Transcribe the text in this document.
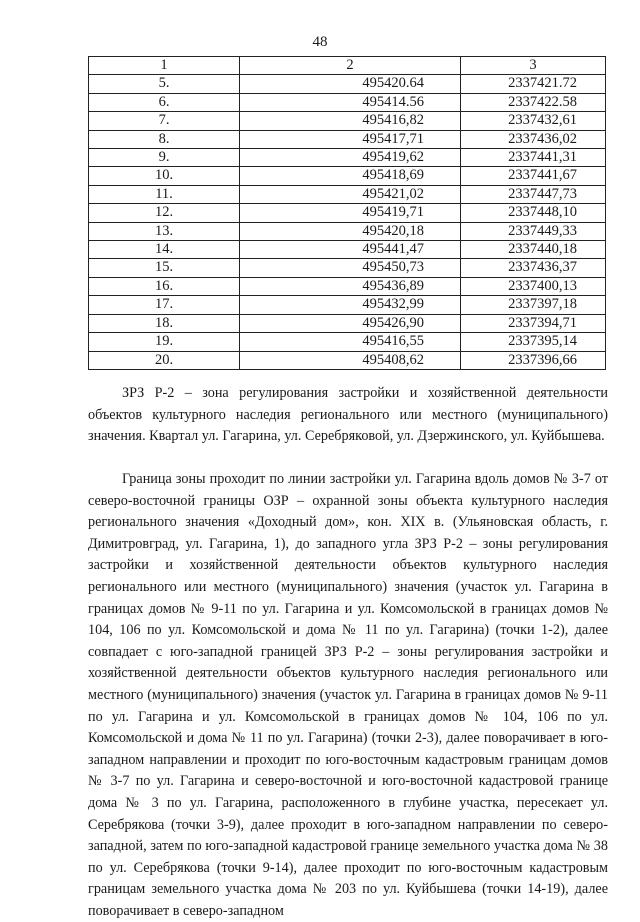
48
1	2	3
5.	495420.64	2337421.72
6.	495414.56	2337422.58
7.	495416,82	2337432,61
8.	495417,71	2337436,02
9.	495419,62	2337441,31
10.	495418,69	2337441,67
11.	495421,02	2337447,73
12.	495419,71	2337448,10
13.	495420,18	2337449,33
14.	495441,47	2337440,18
15.	495450,73	2337436,37
16.	495436,89	2337400,13
17.	495432,99	2337397,18
18.	495426,90	2337394,71
19.	495416,55	2337395,14
20.	495408,62	2337396,66

ЗРЗ Р-2 – зона регулирования застройки и хозяйственной деятельности объектов культурного наследия регионального или местного (муниципального) значения. Квартал ул. Гагарина, ул. Серебряковой, ул. Дзержинского, ул. Куйбышева.

Граница зоны проходит по линии застройки ул. Гагарина вдоль домов № 3-7 от северо-восточной границы ОЗР – охранной зоны объекта культурного наследия регионального значения «Доходный дом», кон. XIX в. (Ульяновская область, г. Димитровград, ул. Гагарина, 1), до западного угла ЗРЗ Р-2 – зоны регулирования застройки и хозяйственной деятельности объектов культурного наследия регионального или местного (муниципального) значения (участок ул. Гагарина в границах домов № 9-11 по ул. Гагарина и ул. Комсомольской в границах домов № 104, 106 по ул. Комсомольской и дома № 11 по ул. Гагарина) (точки 1-2), далее совпадает с юго-западной границей ЗРЗ Р-2 – зоны регулирования застройки и хозяйственной деятельности объектов культурного наследия регионального или местного (муниципального) значения (участок ул. Гагарина в границах домов № 9-11 по ул. Гагарина и ул. Комсомольской в границах домов № 104, 106 по ул. Комсомольской и дома № 11 по ул. Гагарина) (точки 2-3), далее поворачивает в юго-западном направлении и проходит по юго-восточным кадастровым границам домов № 3-7 по ул. Гагарина и северо-восточной и юго-восточной кадастровой границе дома № 3 по ул. Гагарина, расположенного в глубине участка, пересекает ул. Серебрякова (точки 3-9), далее проходит в юго-западном направлении по северо-западной, затем по юго-западной кадастровой границе земельного участка дома № 38 по ул. Серебрякова (точки 9-14), далее проходит по юго-восточным кадастровым границам земельного участка дома № 203 по ул. Куйбышева (точки 14-19), далее поворачивает в северо-западном
